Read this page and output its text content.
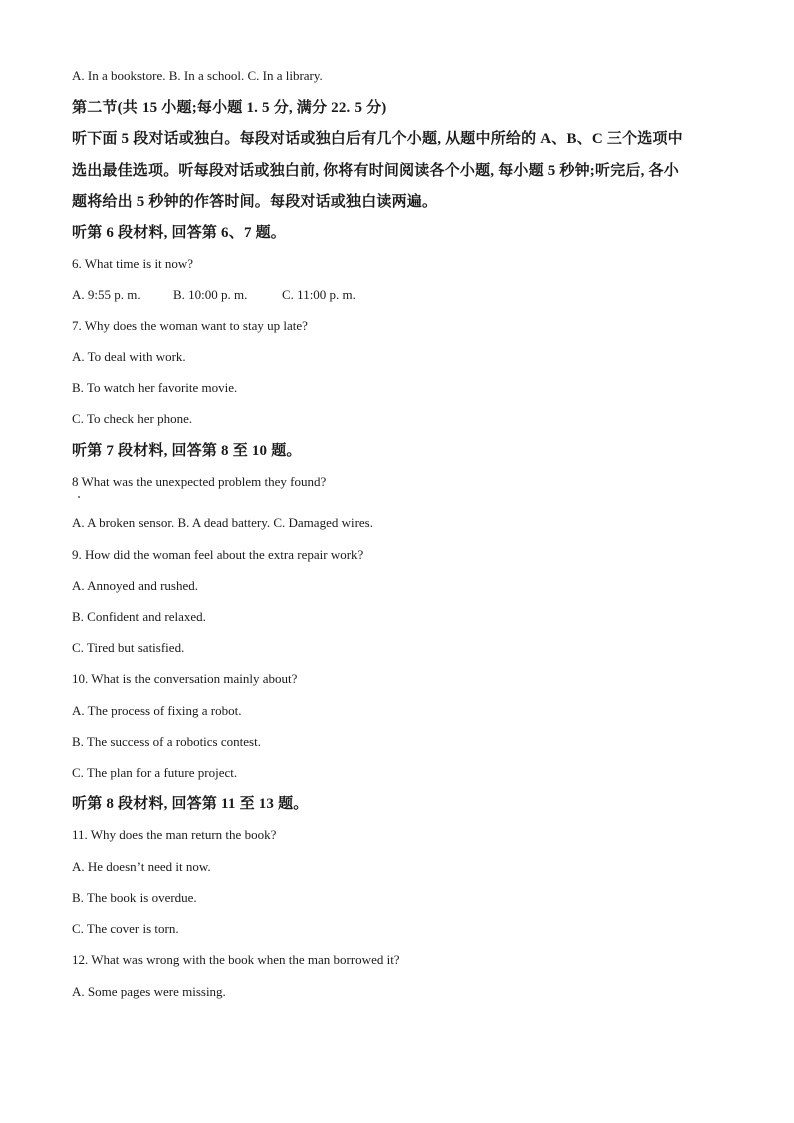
A. In a bookstore. B. In a school. C. In a library.
第二节(共 15 小题;每小题 1. 5 分, 满分 22. 5 分)
听下面 5 段对话或独白。每段对话或独白后有几个小题, 从题中所给的 A、B、C 三个选项中
选出最佳选项。听每段对话或独白前, 你将有时间阅读各个小题, 每小题 5 秒钟;听完后, 各小
题将给出 5 秒钟的作答时间。每段对话或独白读两遍。
听第 6 段材料, 回答第 6、7 题。
6. What time is it now?
A. 9:55 p. m. B. 10:00 p. m.	C. 11:00 p. m.
7. Why does the woman want to stay up late?
A. To deal with work.
B. To watch her favorite movie.
C. To check her phone.
听第 7 段材料, 回答第 8 至 10 题。
8 What was the unexpected problem they found?
A. A broken sensor. B. A dead battery. C. Damaged wires.
9. How did the woman feel about the extra repair work?
A. Annoyed and rushed.
B. Confident and relaxed.
C. Tired but satisfied.
10. What is the conversation mainly about?
A. The process of fixing a robot.
B. The success of a robotics contest.
C. The plan for a future project.
听第 8 段材料, 回答第 11 至 13 题。
11. Why does the man return the book?
A. He doesn’t need it now.
B. The book is overdue.
C. The cover is torn.
12. What was wrong with the book when the man borrowed it?
A. Some pages were missing.
